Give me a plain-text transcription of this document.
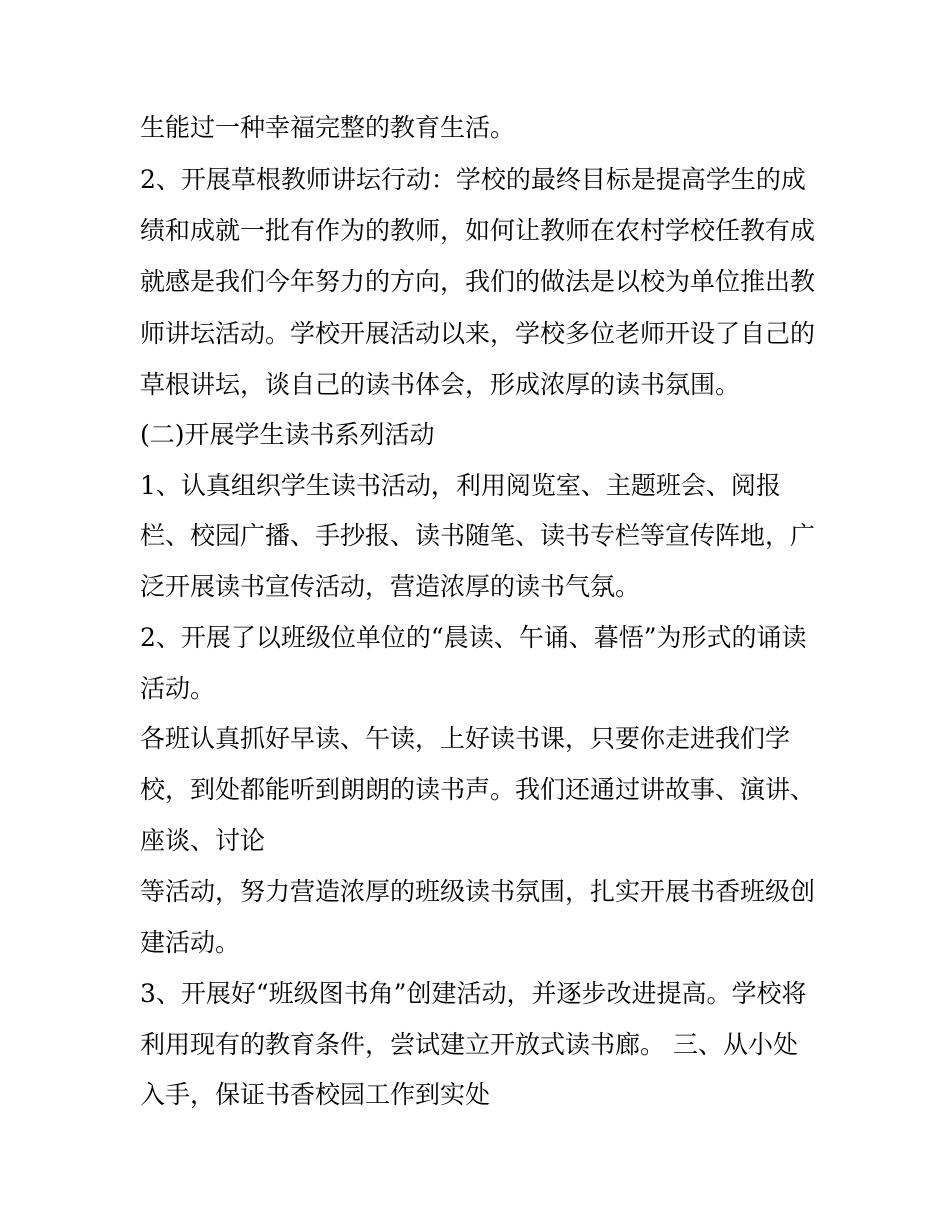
生能过一种幸福完整的教育生活。

2、开展草根教师讲坛行动：学校的最终目标是提高学生的成

绩和成就一批有作为的教师，如何让教师在农村学校任教有成

就感是我们今年努力的方向，我们的做法是以校为单位推出教

师讲坛活动。学校开展活动以来，学校多位老师开设了自己的

草根讲坛，谈自己的读书体会，形成浓厚的读书氛围。

(二)开展学生读书系列活动

1、认真组织学生读书活动，利用阅览室、主题班会、阅报

栏、校园广播、手抄报、读书随笔、读书专栏等宣传阵地，广

泛开展读书宣传活动，营造浓厚的读书气氛。

2、开展了以班级位单位的“晨读、午诵、暮悟”为形式的诵读

活动。

各班认真抓好早读、午读，上好读书课，只要你走进我们学

校，到处都能听到朗朗的读书声。我们还通过讲故事、演讲、

座谈、讨论

等活动，努力营造浓厚的班级读书氛围，扎实开展书香班级创

建活动。

3、开展好“班级图书角”创建活动，并逐步改进提高。学校将

利用现有的教育条件，尝试建立开放式读书廊。 三、从小处

入手，保证书香校园工作到实处
